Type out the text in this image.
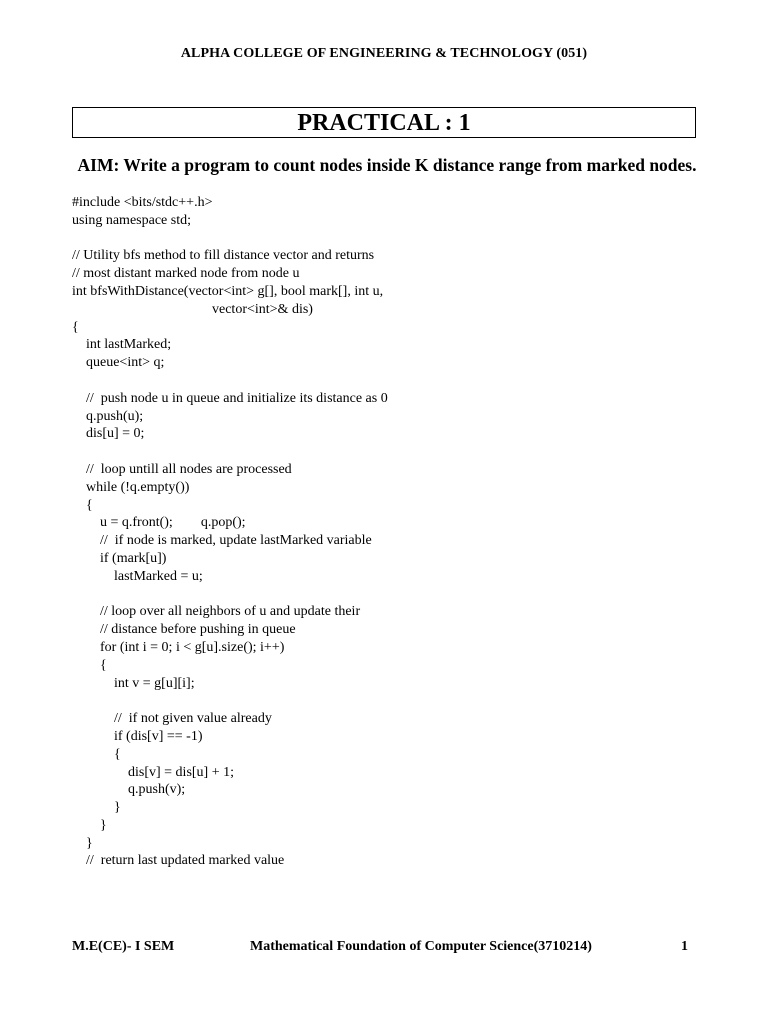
ALPHA COLLEGE OF ENGINEERING & TECHNOLOGY (051)
PRACTICAL : 1
AIM: Write a program to count nodes inside K distance range from marked nodes.
#include <bits/stdc++.h>
using namespace std;
// Utility bfs method to fill distance vector and returns
// most distant marked node from node u
int bfsWithDistance(vector<int> g[], bool mark[], int u,
vector<int>& dis)
{
int lastMarked;
queue<int> q;
//  push node u in queue and initialize its distance as 0
q.push(u);
dis[u] = 0;
//  loop untill all nodes are processed
while (!q.empty())
{
u = q.front();        q.pop();
//  if node is marked, update lastMarked variable
if (mark[u])
lastMarked = u;
// loop over all neighbors of u and update their
// distance before pushing in queue
for (int i = 0; i < g[u].size(); i++)
{
int v = g[u][i];
//  if not given value already
if (dis[v] == -1)
{
dis[v] = dis[u] + 1;
q.push(v);
}
}
}
//  return last updated marked value
M.E(CE)- I SEM	Mathematical Foundation of Computer Science(3710214)	1
